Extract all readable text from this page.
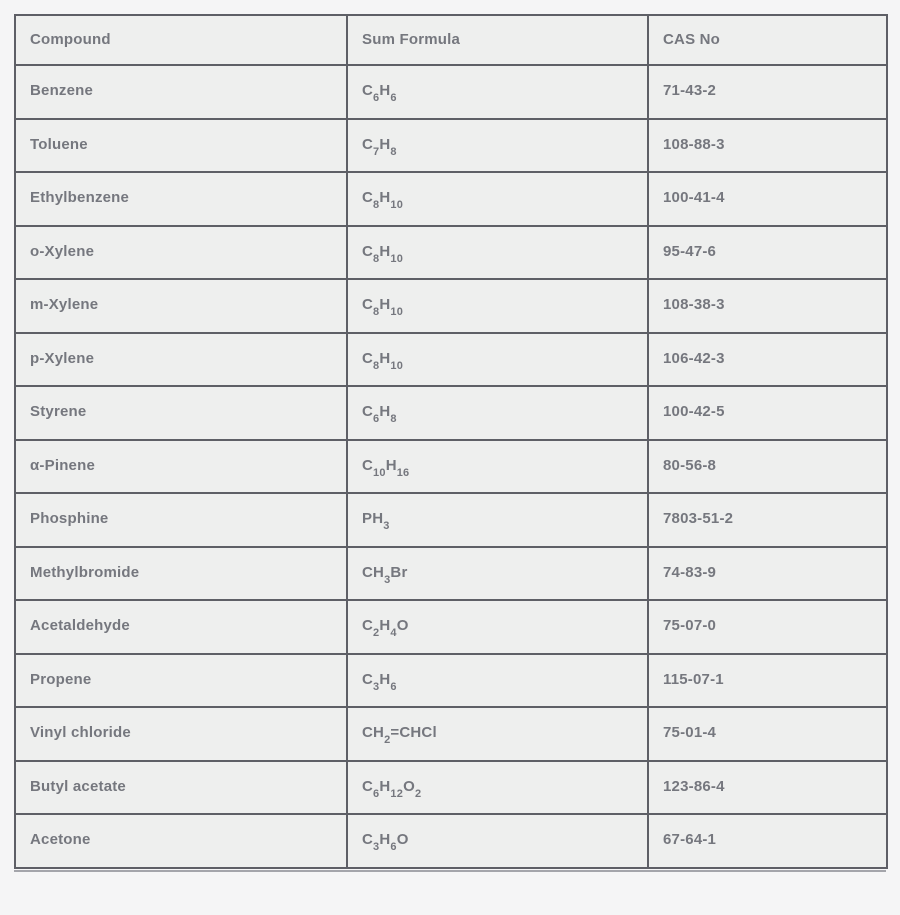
Compound	Sum Formula	CAS No
Benzene	$C_6H_6$	71-43-2
Toluene	$C_7H_8$	108-88-3
Ethylbenzene	$C_8H_{10}$	100-41-4
o-Xylene	$C_8H_{10}$	95-47-6
m-Xylene	$C_8H_{10}$	108-38-3
p-Xylene	$C_8H_{10}$	106-42-3
Styrene	$C_6H_8$	100-42-5
α-Pinene	$C_{10}H_{16}$	80-56-8
Phosphine	$PH_3$	7803-51-2
Methylbromide	$CH_3Br$	74-83-9
Acetaldehyde	$C_2H_4O$	75-07-0
Propene	$C_3H_6$	115-07-1
Vinyl chloride	$CH_2=CHCl$	75-01-4
Butyl acetate	$C_6H_{12}O_2$	123-86-4
Acetone	$C_3H_6O$	67-64-1
